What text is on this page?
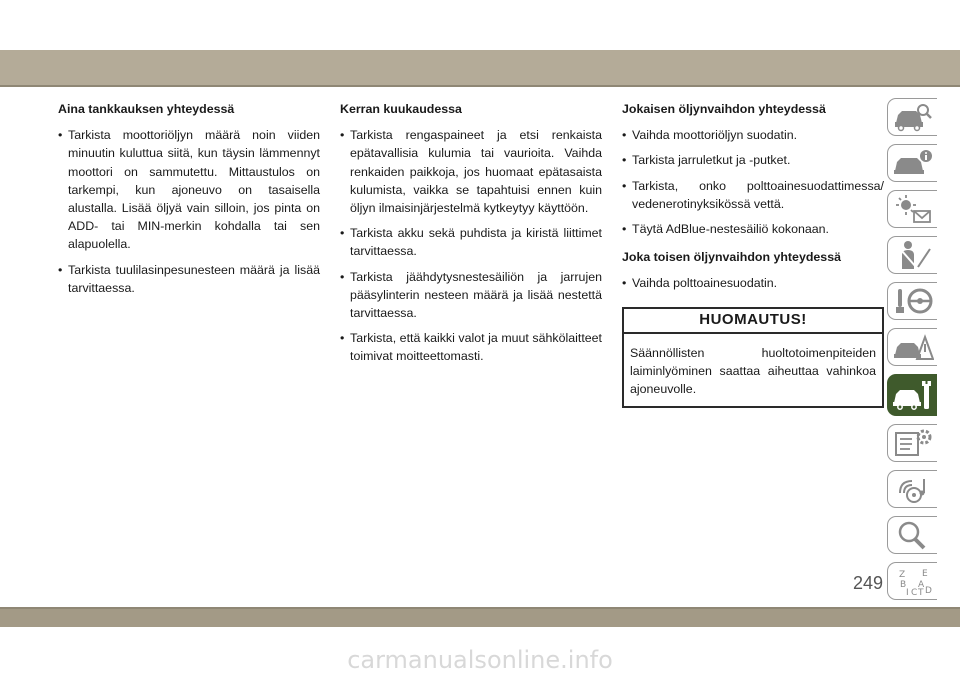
Aina tankkauksen yhteydessä
• Tarkista moottoriöljyn määrä noin viiden minuutin kuluttua siitä, kun täysin lämmennyt moottori on sammutettu. Mittaustulos on tarkempi, kun ajoneuvo on tasaisella alustalla. Lisää öljyä vain silloin, jos pinta on ADD- tai MIN-merkin kohdalla tai sen alapuolella.
• Tarkista tuulilasinpesunesteen määrä ja lisää tarvittaessa.
Kerran kuukaudessa
• Tarkista rengaspaineet ja etsi renkaista epätavallisia kulumia tai vaurioita. Vaihda renkaiden paikkoja, jos huomaat epätasaista kulumista, vaikka se tapahtuisi ennen kuin öljyn ilmaisinjärjestelmä kytkeytyy käyttöön.
• Tarkista akku sekä puhdista ja kiristä liittimet tarvittaessa.
• Tarkista jäähdytysnestesäiliön ja jarrujen pääsylinterin nesteen määrä ja lisää nestettä tarvittaessa.
• Tarkista, että kaikki valot ja muut sähkölaitteet toimivat moitteettomasti.
Jokaisen öljynvaihdon yhteydessä
• Vaihda moottoriöljyn suodatin.
• Tarkista jarruletkut ja -putket.
• Tarkista, onko polttoainesuodattimessa/ vedenerotinyksikössä vettä.
• Täytä AdBlue-nestesäiliö kokonaan.
Joka toisen öljynvaihdon yhteydessä
• Vaihda polttoainesuodatin.
HUOMAUTUS!
Säännöllisten huoltotoimenpiteiden laiminlyöminen saattaa aiheuttaa vahinkoa ajoneuvolle.
Z E
B A
I C T D
249
carmanualsonline.info
